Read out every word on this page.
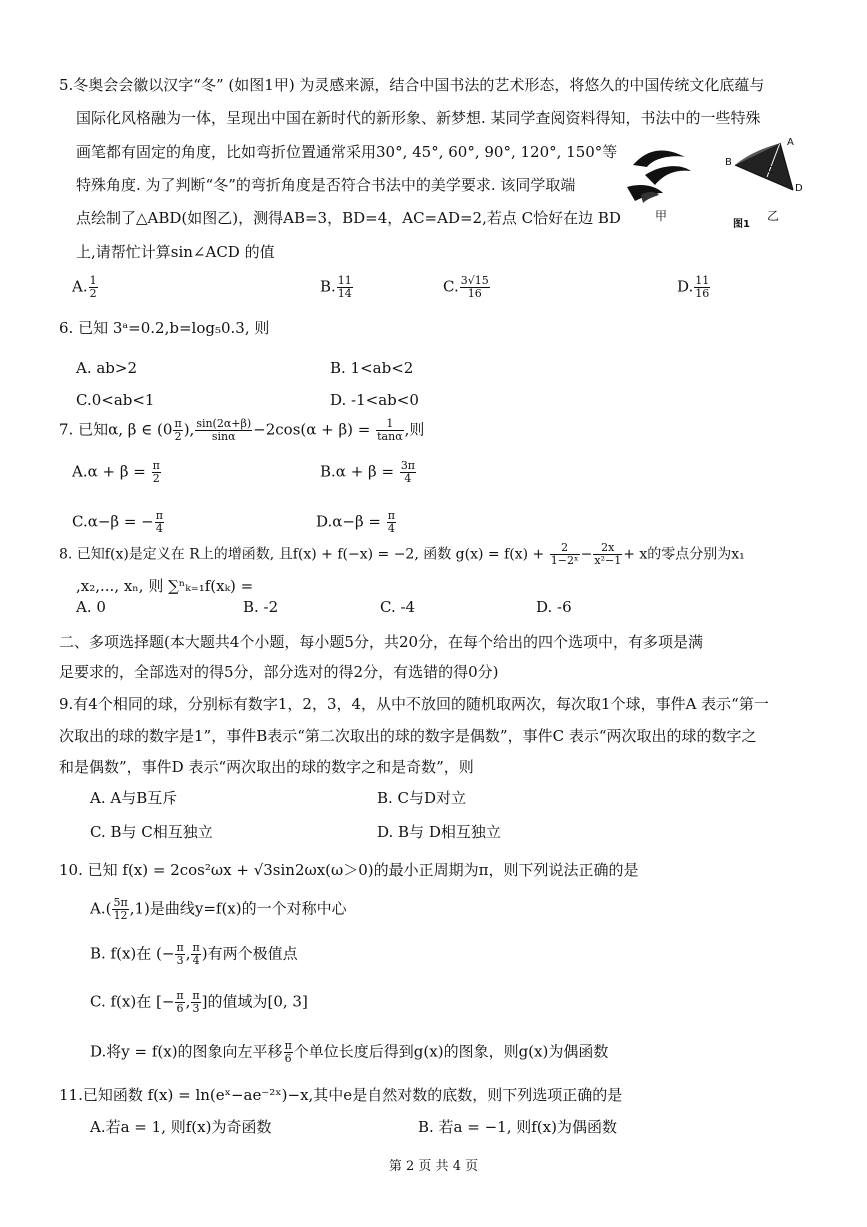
5.冬奥会会徽以汉字“冬” (如图1甲) 为灵感来源，结合中国书法的艺术形态，将悠久的中国传统文化底蕴与
国际化风格融为一体，呈现出中国在新时代的新形象、新梦想. 某同学查阅资料得知，书法中的一些特殊
画笔都有固定的角度，比如弯折位置通常采用30°, 45°, 60°, 90°, 120°, 150°等
特殊角度. 为了判断“冬”的弯折角度是否符合书法中的美学要求. 该同学取端
点绘制了△ABD(如图乙)，测得AB=3，BD=4，AC=AD=2,若点 C恰好在边 BD
上,请帮忙计算sin∠ACD 的值
A
B
C
D
甲
图1
乙
A. $\frac{1}{2}$	B. $\frac{11}{14}$	C. $\frac{3√15}{16}$	D. $\frac{11}{16}$
6. 已知 3ᵃ=0.2,b=log₅0.3, 则
A. ab>2	B. 1<ab<2
C.0<ab<1	D. -1<ab<0
7. 已知α, β ∈ ($0 \frac{\pi}{2}$ ), $\frac{\sin(2\alpha+\beta)}{\sin\alpha} -2\cos(\alpha + \beta) = \frac{1}{\tan\alpha}$ ,则
$A.\alpha + \beta = \frac{\pi}{2}$	$B.\alpha + \beta = \frac{3\pi}{4}$
C.α−β = − $\frac{\pi}{4}$	$D.\alpha-\beta = \frac{\pi}{4}$
8. 已知f(x)是定义在 R上的增函数, 且f(x) + f(−x) = −2, 函数 $g(x) = f(x) + \frac{2}{\text{1−2ˣ}} - \frac{2x}{\text{x²−1}} + x$的零点分别为x₁
,x₂,..., xₙ, 则 ∑ⁿₖ₌₁f(xₖ) =
A. 0	B. -2	C. -4	D. -6
二、多项选择题(本大题共4个小题，每小题5分，共20分，在每个给出的四个选项中，有多项是满
足要求的，全部选对的得5分，部分选对的得2分，有选错的得0分)
9.有4个相同的球，分别标有数字1，2，3，4，从中不放回的随机取两次，每次取1个球，事件A 表示“第一
次取出的球的数字是1”，事件B表示“第二次取出的球的数字是偶数”，事件C 表示“两次取出的球的数字之
和是偶数”，事件D 表示“两次取出的球的数字之和是奇数”，则
A. A与B互斥	B. C与D对立
C. B与 C相互独立	D. B与 D相互独立
10. 已知 f(x) = 2cos²ωx + √3sin2ωx(ω＞0)的最小正周期为π，则下列说法正确的是
$A.( \frac{5\pi}{12} ,1)$是曲线y=f(x)的一个对称中心
B. f(x)在 (− $\frac{\pi}{3}$ , $\frac{\pi}{4}$ )有两个极值点
C. f(x)在 [− $\frac{\pi}{6}$ , $\frac{\pi}{3}$ ]的值域为[0, 3]
D.将y = f(x)的图象向左平移 $\frac{\pi}{6}$ 个单位长度后得到g(x)的图象，则g(x)为偶函数
11.已知函数 f(x) = ln(eˣ−ae⁻²ˣ)−x,其中e是自然对数的底数，则下列选项正确的是
A.若a = 1, 则f(x)为奇函数	B. 若a = −1, 则f(x)为偶函数
第 2 页 共 4 页
